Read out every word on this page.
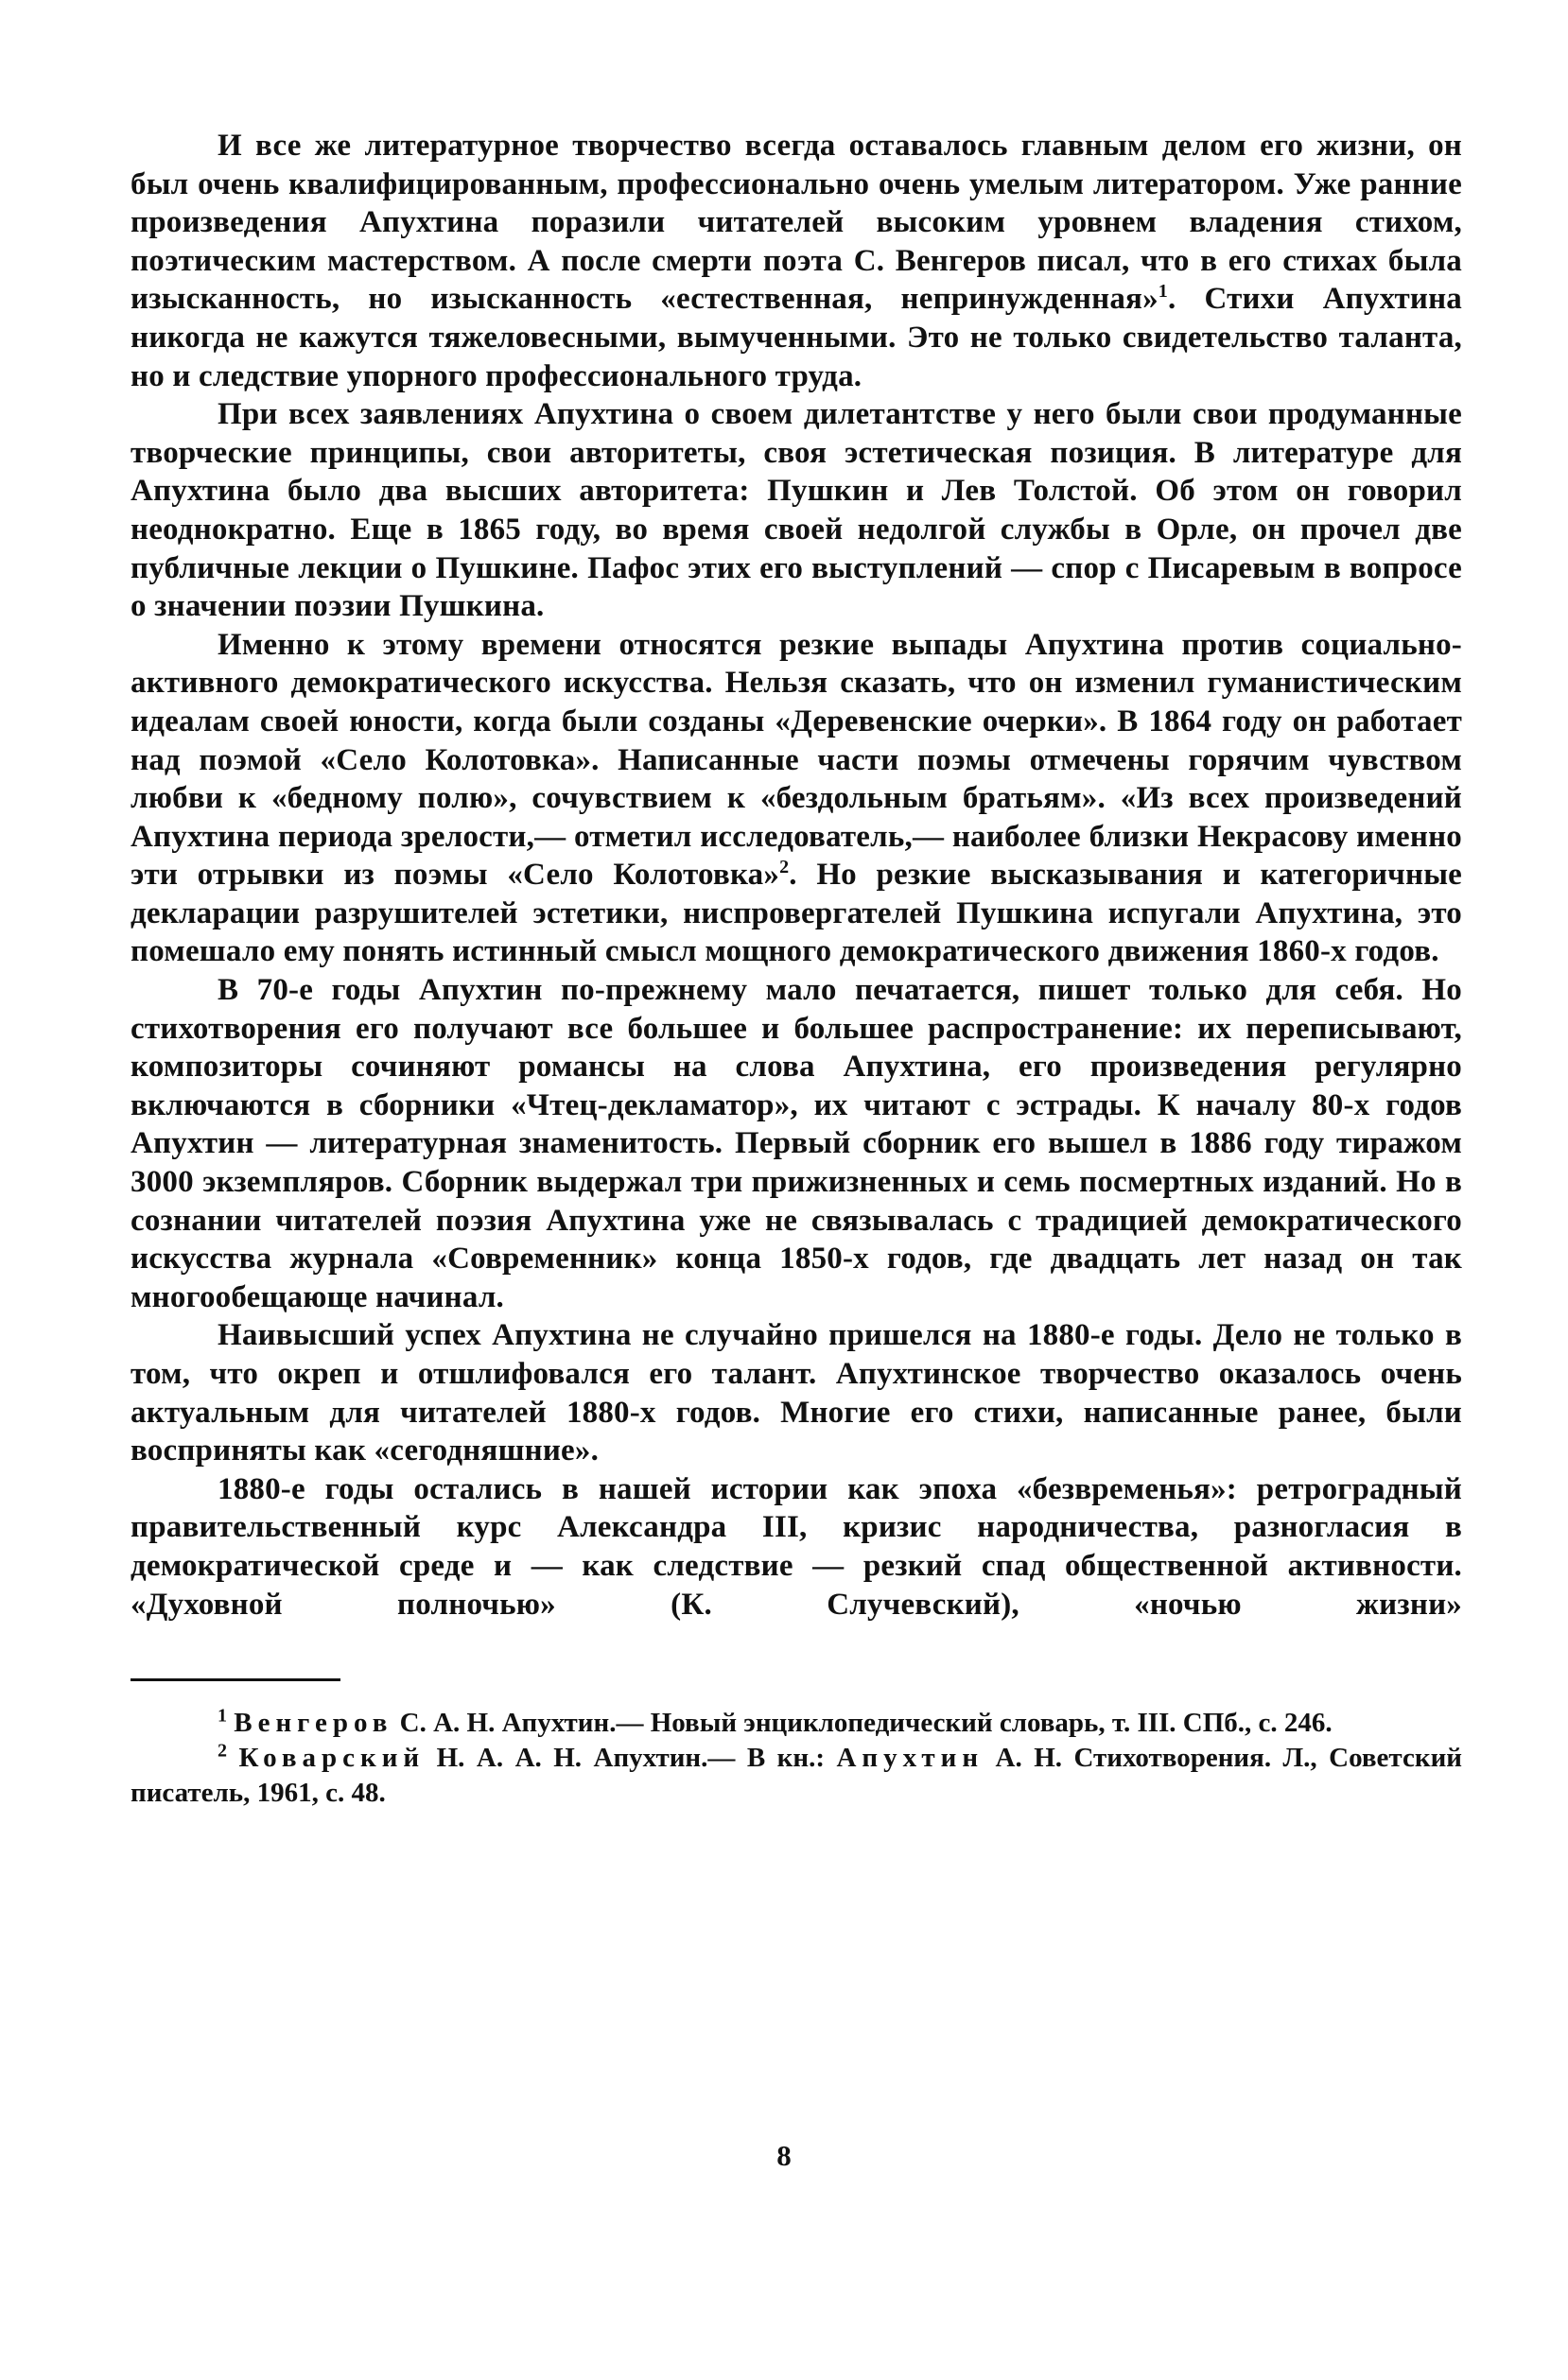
И все же литературное творчество всегда оставалось главным делом его жизни, он был очень квалифицированным, профессионально очень умелым литератором. Уже ранние произведения Апухтина поразили читателей высоким уровнем владения стихом, поэтическим мастерством. А после смерти поэта С. Венгеров писал, что в его стихах была изысканность, но изысканность «естественная, непринужденная»$^1$. Стихи Апухтина никогда не кажутся тяжеловесными, вымученными. Это не только свидетельство таланта, но и следствие упорного профессионального труда.

При всех заявлениях Апухтина о своем дилетантстве у него были свои продуманные творческие принципы, свои авторитеты, своя эстетическая позиция. В литературе для Апухтина было два высших авторитета: Пушкин и Лев Толстой. Об этом он говорил неоднократно. Еще в 1865 году, во время своей недолгой службы в Орле, он прочел две публичные лекции о Пушкине. Пафос этих его выступлений — спор с Писаревым в вопросе о значении поэзии Пушкина.

Именно к этому времени относятся резкие выпады Апухтина против социально-активного демократического искусства. Нельзя сказать, что он изменил гуманистическим идеалам своей юности, когда были созданы «Деревенские очерки». В 1864 году он работает над поэмой «Село Колотовка». Написанные части поэмы отмечены горячим чувством любви к «бедному полю», сочувствием к «бездольным братьям». «Из всех произведений Апухтина периода зрелости,— отметил исследователь,— наиболее близки Некрасову именно эти отрывки из поэмы «Село Колотовка»$^2$. Но резкие высказывания и категоричные декларации разрушителей эстетики, ниспровергателей Пушкина испугали Апухтина, это помешало ему понять истинный смысл мощного демократического движения 1860-х годов.

В 70-е годы Апухтин по-прежнему мало печатается, пишет только для себя. Но стихотворения его получают все большее и большее распространение: их переписывают, композиторы сочиняют романсы на слова Апухтина, его произведения регулярно включаются в сборники «Чтец-декламатор», их читают с эстрады. К началу 80-х годов Апухтин — литературная знаменитость. Первый сборник его вышел в 1886 году тиражом 3000 экземпляров. Сборник выдержал три прижизненных и семь посмертных изданий. Но в сознании читателей поэзия Апухтина уже не связывалась с традицией демократического искусства журнала «Современник» конца 1850-х годов, где двадцать лет назад он так многообещающе начинал.

Наивысший успех Апухтина не случайно пришелся на 1880-е годы. Дело не только в том, что окреп и отшлифовался его талант. Апухтинское творчество оказалось очень актуальным для читателей 1880-х годов. Многие его стихи, написанные ранее, были восприняты как «сегодняшние».

1880-е годы остались в нашей истории как эпоха «безвременья»: ретроградный правительственный курс Александра III, кризис народничества, разногласия в демократической среде и — как следствие — резкий спад общественной активности. «Духовной полночью» (К. Случевский), «ночью жизни»

$^1$ Венгеров С. А. Н. Апухтин.— Новый энциклопедический словарь, т. III. СПб., с. 246.

$^2$ Коварский Н. А. А. Н. Апухтин.— В кн.: Апухтин А. Н. Стихотворения. Л., Советский писатель, 1961, с. 48.

8
